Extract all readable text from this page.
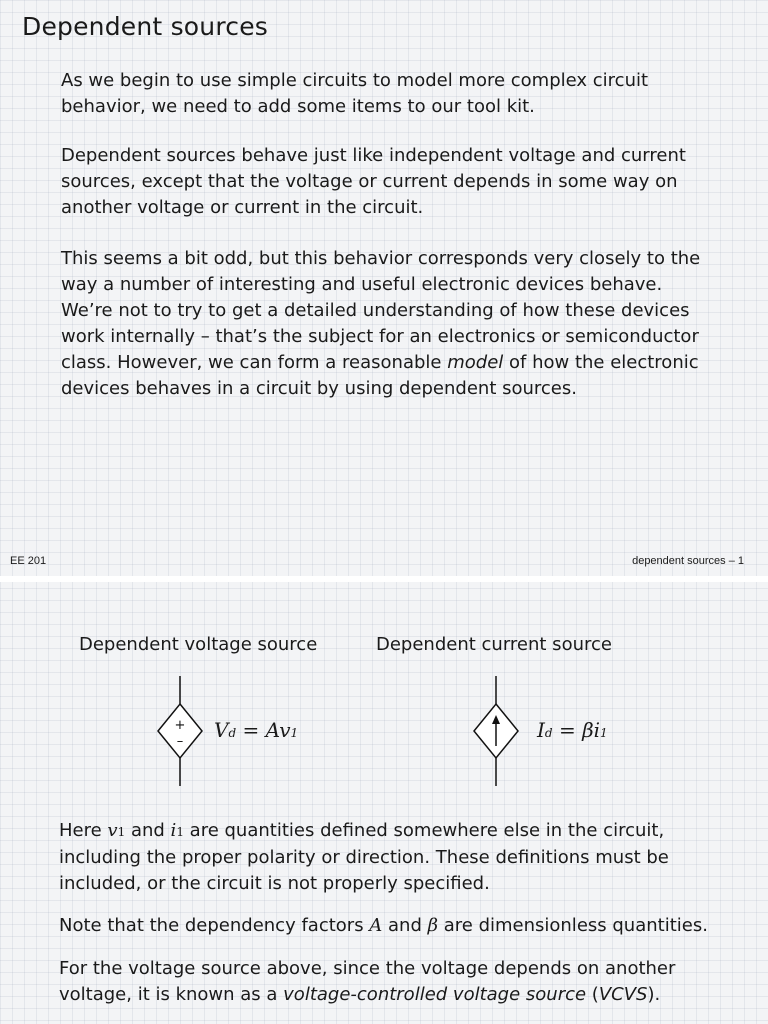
Dependent sources

As we begin to use simple circuits to model more complex circuit behavior, we need to add some items to our tool kit.

Dependent sources behave just like independent voltage and current sources, except that the voltage or current depends in some way on another voltage or current in the circuit.

This seems a bit odd, but this behavior corresponds very closely to the way a number of interesting and useful electronic devices behave. We’re not to try to get a detailed understanding of how these devices work internally – that’s the subject for an electronics or semiconductor class. However, we can form a reasonable model of how the electronic devices behaves in a circuit by using dependent sources.

EE 201	dependent sources – 1
Dependent voltage source	Dependent current source
+
– Vd = Av1	Id = βi1

Here v1 and i1 are quantities defined somewhere else in the circuit, including the proper polarity or direction. These definitions must be included, or the circuit is not properly specified.

Note that the dependency factors A and β are dimensionless quantities.

For the voltage source above, since the voltage depends on another voltage, it is known as a voltage-controlled voltage source (VCVS).
